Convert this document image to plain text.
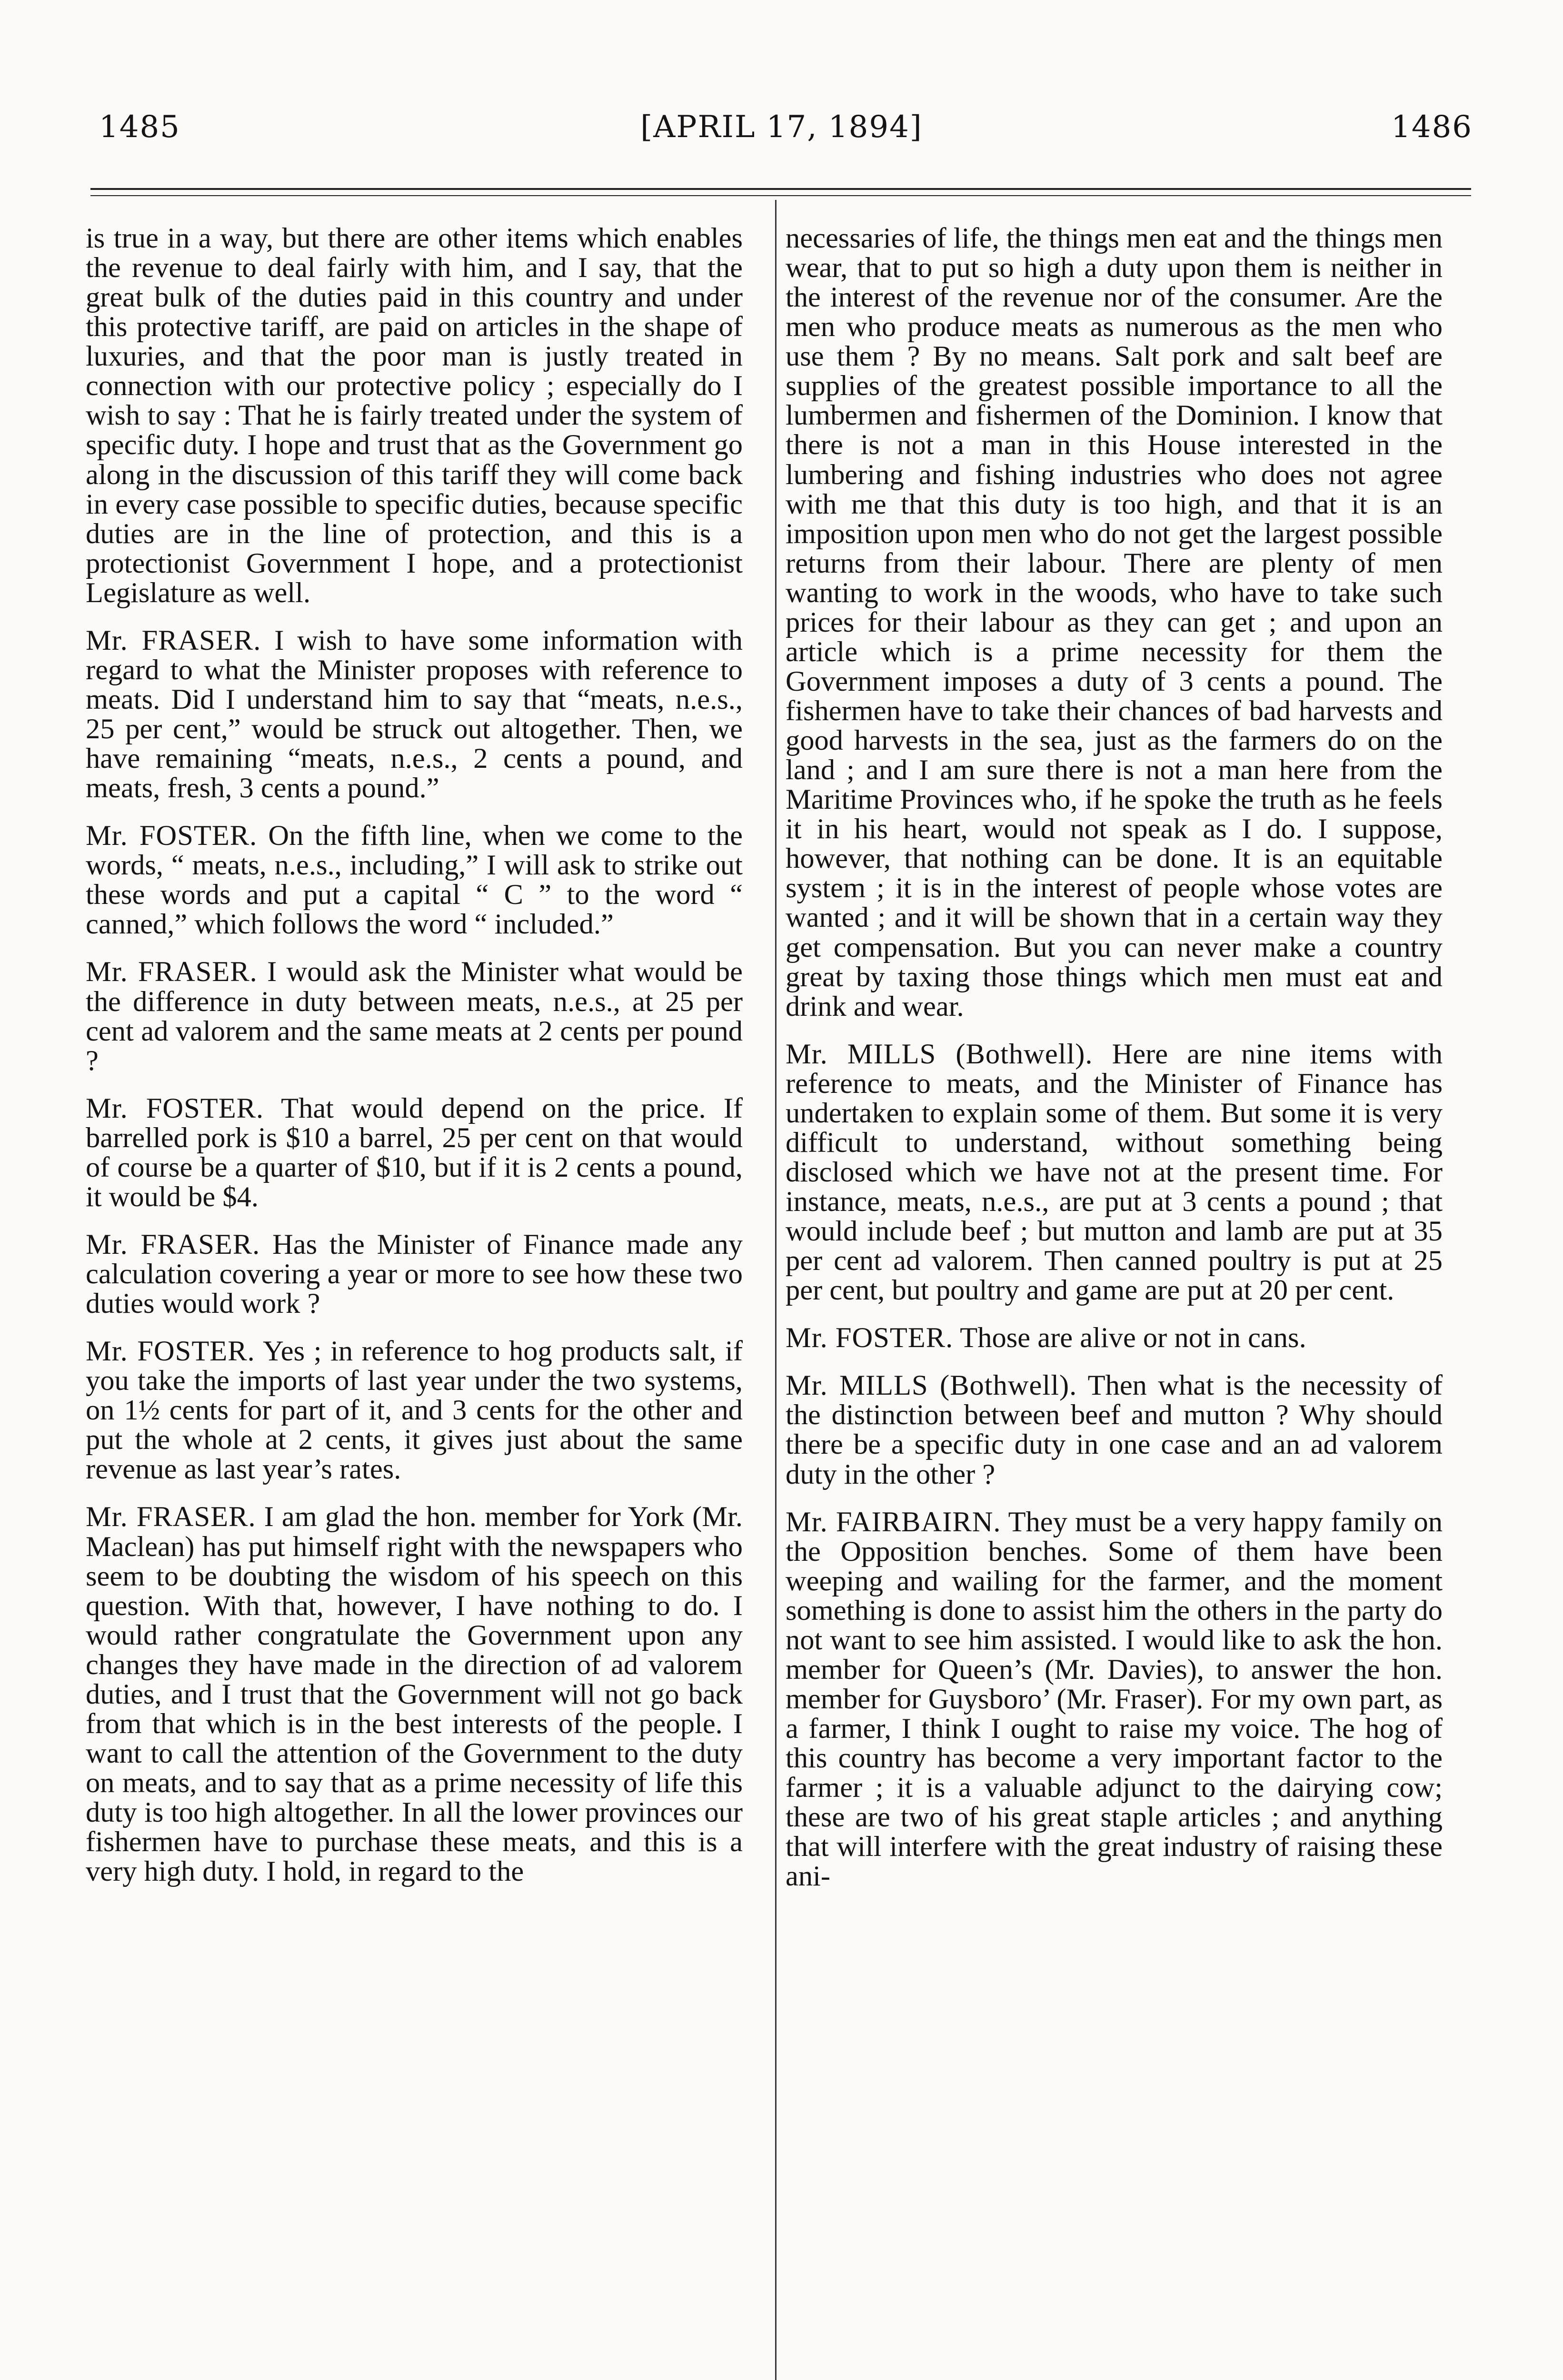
1485	[APRIL 17, 1894]	1486

is true in a way, but there are other items which enables the revenue to deal fairly with him, and I say, that the great bulk of the duties paid in this country and under this protective tariff, are paid on articles in the shape of luxuries, and that the poor man is justly treated in connection with our protective policy ; especially do I wish to say : That he is fairly treated under the system of specific duty. I hope and trust that as the Government go along in the discussion of this tariff they will come back in every case possible to specific duties, because specific duties are in the line of protection, and this is a protectionist Government I hope, and a protectionist Legislature as well.

Mr. FRASER. I wish to have some information with regard to what the Minister proposes with reference to meats. Did I understand him to say that “meats, n.e.s., 25 per cent,” would be struck out altogether. Then, we have remaining “meats, n.e.s., 2 cents a pound, and meats, fresh, 3 cents a pound.”

Mr. FOSTER. On the fifth line, when we come to the words, “ meats, n.e.s., including,” I will ask to strike out these words and put a capital “ C ” to the word “ canned,” which follows the word “ included.”

Mr. FRASER. I would ask the Minister what would be the difference in duty between meats, n.e.s., at 25 per cent ad valorem and the same meats at 2 cents per pound ?

Mr. FOSTER. That would depend on the price. If barrelled pork is $10 a barrel, 25 per cent on that would of course be a quarter of $10, but if it is 2 cents a pound, it would be $4.

Mr. FRASER. Has the Minister of Finance made any calculation covering a year or more to see how these two duties would work ?

Mr. FOSTER. Yes ; in reference to hog products salt, if you take the imports of last year under the two systems, on 1½ cents for part of it, and 3 cents for the other and put the whole at 2 cents, it gives just about the same revenue as last year’s rates.

Mr. FRASER. I am glad the hon. member for York (Mr. Maclean) has put himself right with the newspapers who seem to be doubting the wisdom of his speech on this question. With that, however, I have nothing to do. I would rather congratulate the Government upon any changes they have made in the direction of ad valorem duties, and I trust that the Government will not go back from that which is in the best interests of the people. I want to call the attention of the Government to the duty on meats, and to say that as a prime necessity of life this duty is too high altogether. In all the lower provinces our fishermen have to purchase these meats, and this is a very high duty. I hold, in regard to the

necessaries of life, the things men eat and the things men wear, that to put so high a duty upon them is neither in the interest of the revenue nor of the consumer. Are the men who produce meats as numerous as the men who use them ? By no means. Salt pork and salt beef are supplies of the greatest possible importance to all the lumbermen and fishermen of the Dominion. I know that there is not a man in this House interested in the lumbering and fishing industries who does not agree with me that this duty is too high, and that it is an imposition upon men who do not get the largest possible returns from their labour. There are plenty of men wanting to work in the woods, who have to take such prices for their labour as they can get ; and upon an article which is a prime necessity for them the Government imposes a duty of 3 cents a pound. The fishermen have to take their chances of bad harvests and good harvests in the sea, just as the farmers do on the land ; and I am sure there is not a man here from the Maritime Provinces who, if he spoke the truth as he feels it in his heart, would not speak as I do. I suppose, however, that nothing can be done. It is an equitable system ; it is in the interest of people whose votes are wanted ; and it will be shown that in a certain way they get compensation. But you can never make a country great by taxing those things which men must eat and drink and wear.

Mr. MILLS (Bothwell). Here are nine items with reference to meats, and the Minister of Finance has undertaken to explain some of them. But some it is very difficult to understand, without something being disclosed which we have not at the present time. For instance, meats, n.e.s., are put at 3 cents a pound ; that would include beef ; but mutton and lamb are put at 35 per cent ad valorem. Then canned poultry is put at 25 per cent, but poultry and game are put at 20 per cent.

Mr. FOSTER. Those are alive or not in cans.

Mr. MILLS (Bothwell). Then what is the necessity of the distinction between beef and mutton ? Why should there be a specific duty in one case and an ad valorem duty in the other ?

Mr. FAIRBAIRN. They must be a very happy family on the Opposition benches. Some of them have been weeping and wailing for the farmer, and the moment something is done to assist him the others in the party do not want to see him assisted. I would like to ask the hon. member for Queen’s (Mr. Davies), to answer the hon. member for Guysboro’ (Mr. Fraser). For my own part, as a farmer, I think I ought to raise my voice. The hog of this country has become a very important factor to the farmer ; it is a valuable adjunct to the dairying cow; these are two of his great staple articles ; and anything that will interfere with the great industry of raising these ani-
